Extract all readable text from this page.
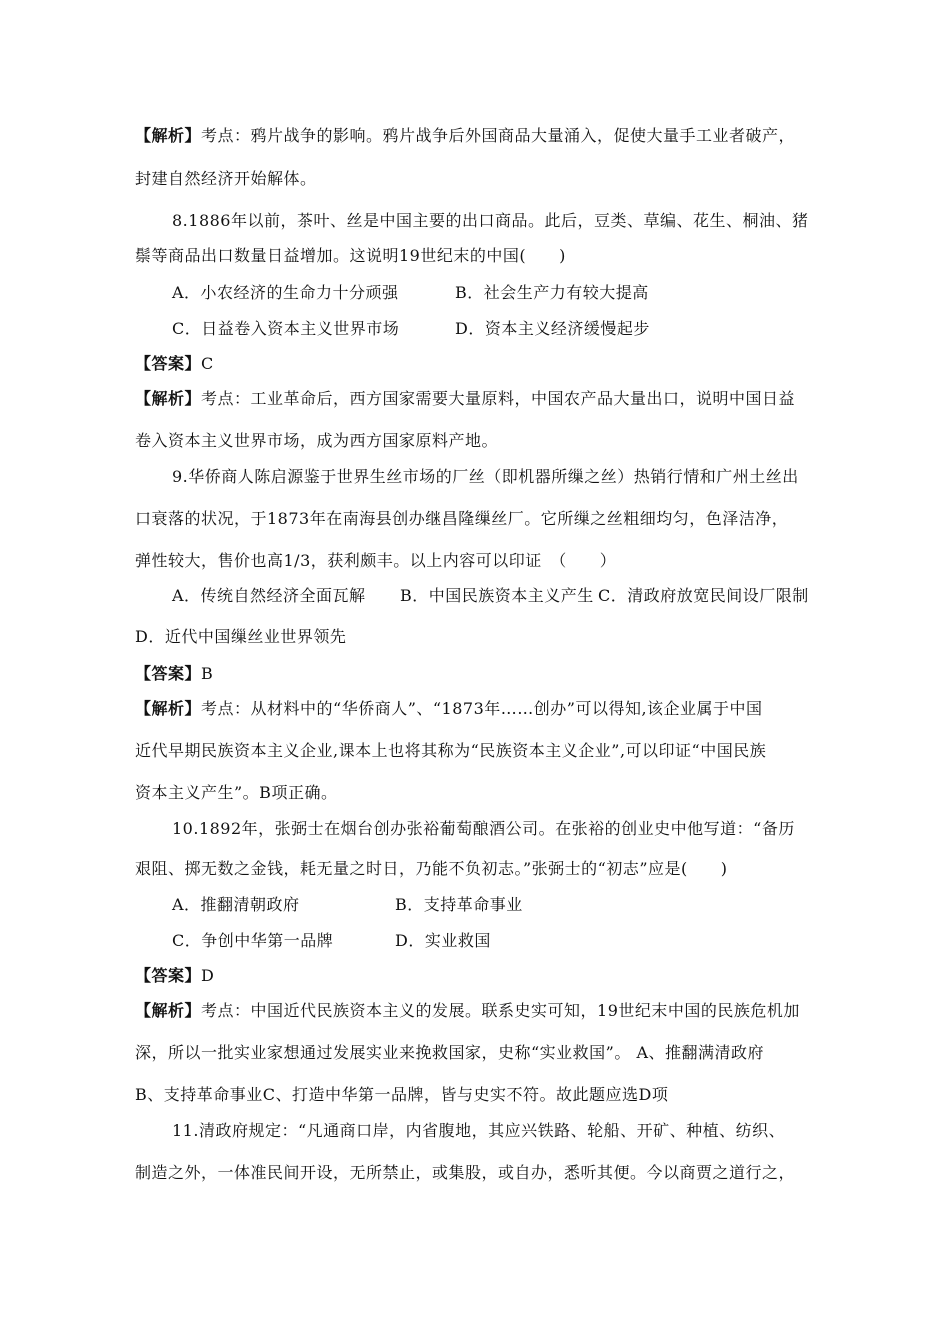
【解析】考点：鸦片战争的影响。鸦片战争后外国商品大量涌入，促使大量手工业者破产，
封建自然经济开始解体。
8.1886年以前，茶叶、丝是中国主要的出口商品。此后，豆类、草编、花生、桐油、猪
鬃等商品出口数量日益增加。这说明19世纪末的中国(　　)
A．小农经济的生命力十分顽强	B．社会生产力有较大提高
C．日益卷入资本主义世界市场	D．资本主义经济缓慢起步
【答案】C
【解析】考点：工业革命后，西方国家需要大量原料，中国农产品大量出口，说明中国日益
卷入资本主义世界市场，成为西方国家原料产地。
9.华侨商人陈启源鉴于世界生丝市场的厂丝（即机器所缫之丝）热销行情和广州土丝出
口衰落的状况，于1873年在南海县创办继昌隆缫丝厂。它所缫之丝粗细均匀，色泽洁净，
弹性较大，售价也高1/3，获利颇丰。以上内容可以印证　（　　）
A．传统自然经济全面瓦解 B．中国民族资本主义产生 C．清政府放宽民间设厂限制
D．近代中国缫丝业世界领先
【答案】B
【解析】考点：从材料中的“华侨商人”、“1873年……创办”可以得知,该企业属于中国
近代早期民族资本主义企业,课本上也将其称为“民族资本主义企业”,可以印证“中国民族
资本主义产生”。B项正确。
10.1892年，张弼士在烟台创办张裕葡萄酿酒公司。在张裕的创业史中他写道：“备历
艰阻、掷无数之金钱，耗无量之时日，乃能不负初志。”张弼士的“初志”应是(　　)
A．推翻清朝政府	B．支持革命事业
C．争创中华第一品牌	D．实业救国
【答案】D
【解析】考点：中国近代民族资本主义的发展。联系史实可知，19世纪末中国的民族危机加
深，所以一批实业家想通过发展实业来挽救国家，史称“实业救国”。 A、推翻满清政府
B、支持革命事业C、打造中华第一品牌，皆与史实不符。故此题应选D项
11.清政府规定：“凡通商口岸，内省腹地，其应兴铁路、轮船、开矿、种植、纺织、
制造之外，一体准民间开设，无所禁止，或集股，或自办，悉听其便。今以商贾之道行之，
